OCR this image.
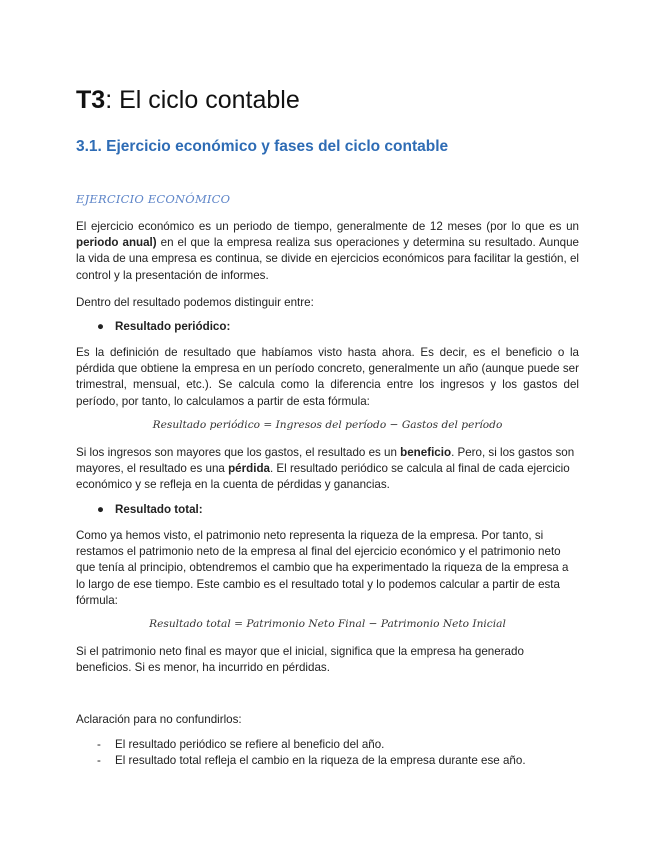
T3: El ciclo contable
3.1. Ejercicio económico y fases del ciclo contable
EJERCICIO ECONÓMICO

El ejercicio económico es un periodo de tiempo, generalmente de 12 meses (por lo que es un periodo anual) en el que la empresa realiza sus operaciones y determina su resultado. Aunque la vida de una empresa es continua, se divide en ejercicios económicos para facilitar la gestión, el control y la presentación de informes.

Dentro del resultado podemos distinguir entre:

● Resultado periódico:

Es la definición de resultado que habíamos visto hasta ahora. Es decir, es el beneficio o la pérdida que obtiene la empresa en un período concreto, generalmente un año (aunque puede ser trimestral, mensual, etc.). Se calcula como la diferencia entre los ingresos y los gastos del período, por tanto, lo calculamos a partir de esta fórmula:

Resultado periódico = Ingresos del período − Gastos del período

Si los ingresos son mayores que los gastos, el resultado es un beneficio. Pero, si los gastos son mayores, el resultado es una pérdida. El resultado periódico se calcula al final de cada ejercicio económico y se refleja en la cuenta de pérdidas y ganancias.

● Resultado total:

Como ya hemos visto, el patrimonio neto representa la riqueza de la empresa. Por tanto, si restamos el patrimonio neto de la empresa al final del ejercicio económico y el patrimonio neto que tenía al principio, obtendremos el cambio que ha experimentado la riqueza de la empresa a lo largo de ese tiempo. Este cambio es el resultado total y lo podemos calcular a partir de esta fórmula:

Resultado total = Patrimonio Neto Final − Patrimonio Neto Inicial

Si el patrimonio neto final es mayor que el inicial, significa que la empresa ha generado beneficios. Si es menor, ha incurrido en pérdidas.

Aclaración para no confundirlos:

- El resultado periódico se refiere al beneficio del año.
- El resultado total refleja el cambio en la riqueza de la empresa durante ese año.
